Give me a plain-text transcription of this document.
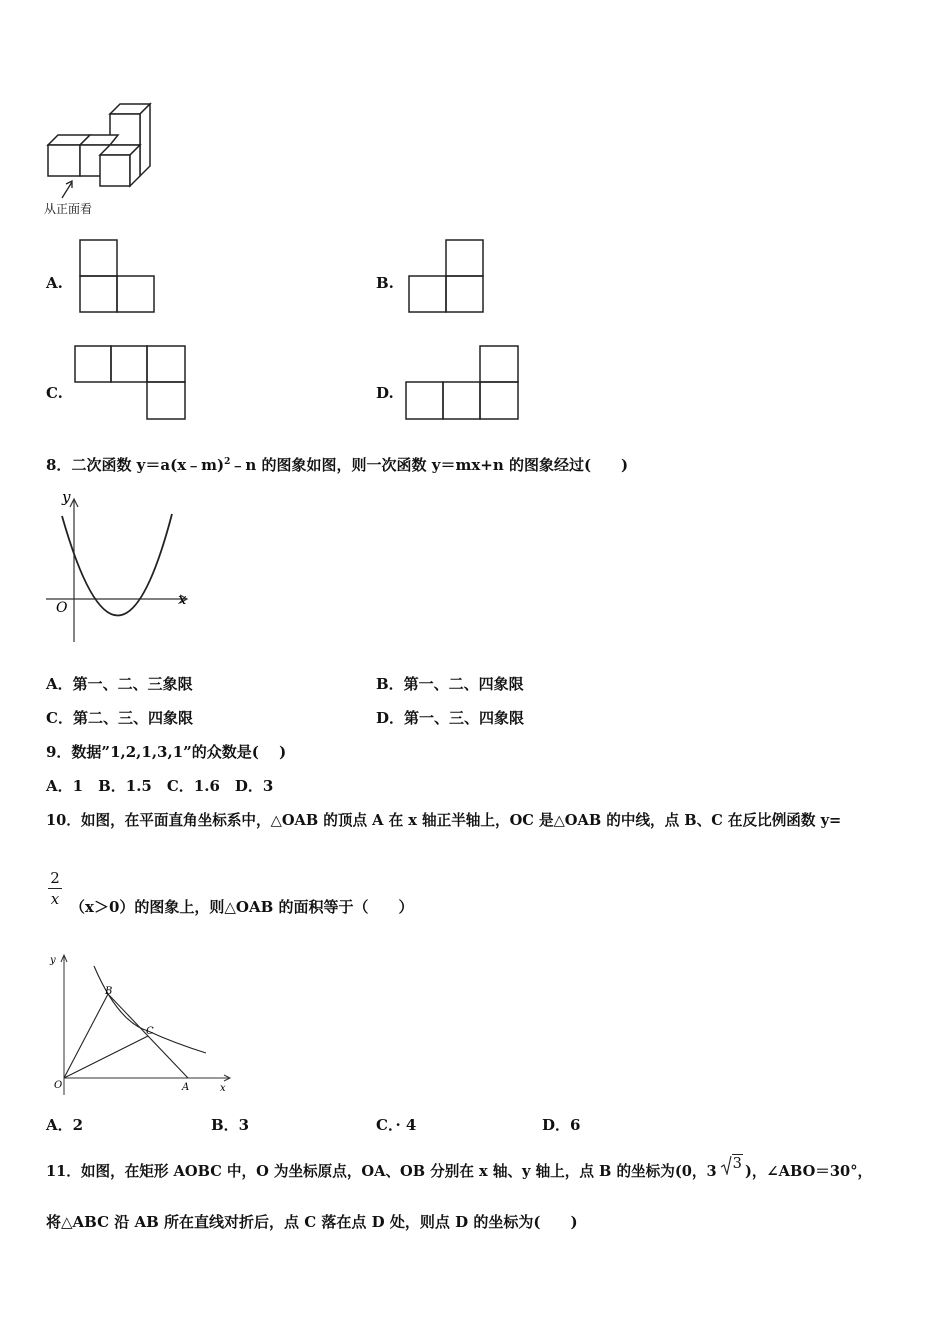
从正面看
A.	B.
C.	D.
8．二次函数 y＝a(x﹣m)$^2$﹣n 的图象如图，则一次函数 y＝mx+n 的图象经过(　　)
y
x
O
A．第一、二、三象限	B．第一、二、四象限
C．第二、三、四象限	D．第一、三、四象限
9．数据”1,2,1,3,1”的众数是(　 )
A．1　B．1.5　C．1.6　D．3
10．如图，在平面直角坐标系中，△OAB 的顶点 A 在 x 轴正半轴上，OC 是△OAB 的中线，点 B、C 在反比例函数 y=
2
x （x＞0）的图象上，则△OAB 的面积等于（　　）
y
x
O	A
B
C
A．2	B．3	C．· 4	D．6
11．如图，在矩形 AOBC 中，O 为坐标原点，OA、OB 分别在 x 轴、y 轴上，点 B 的坐标为(0，3 3 )，∠ABO＝30°，
将△ABC 沿 AB 所在直线对折后，点 C 落在点 D 处，则点 D 的坐标为(　　)
